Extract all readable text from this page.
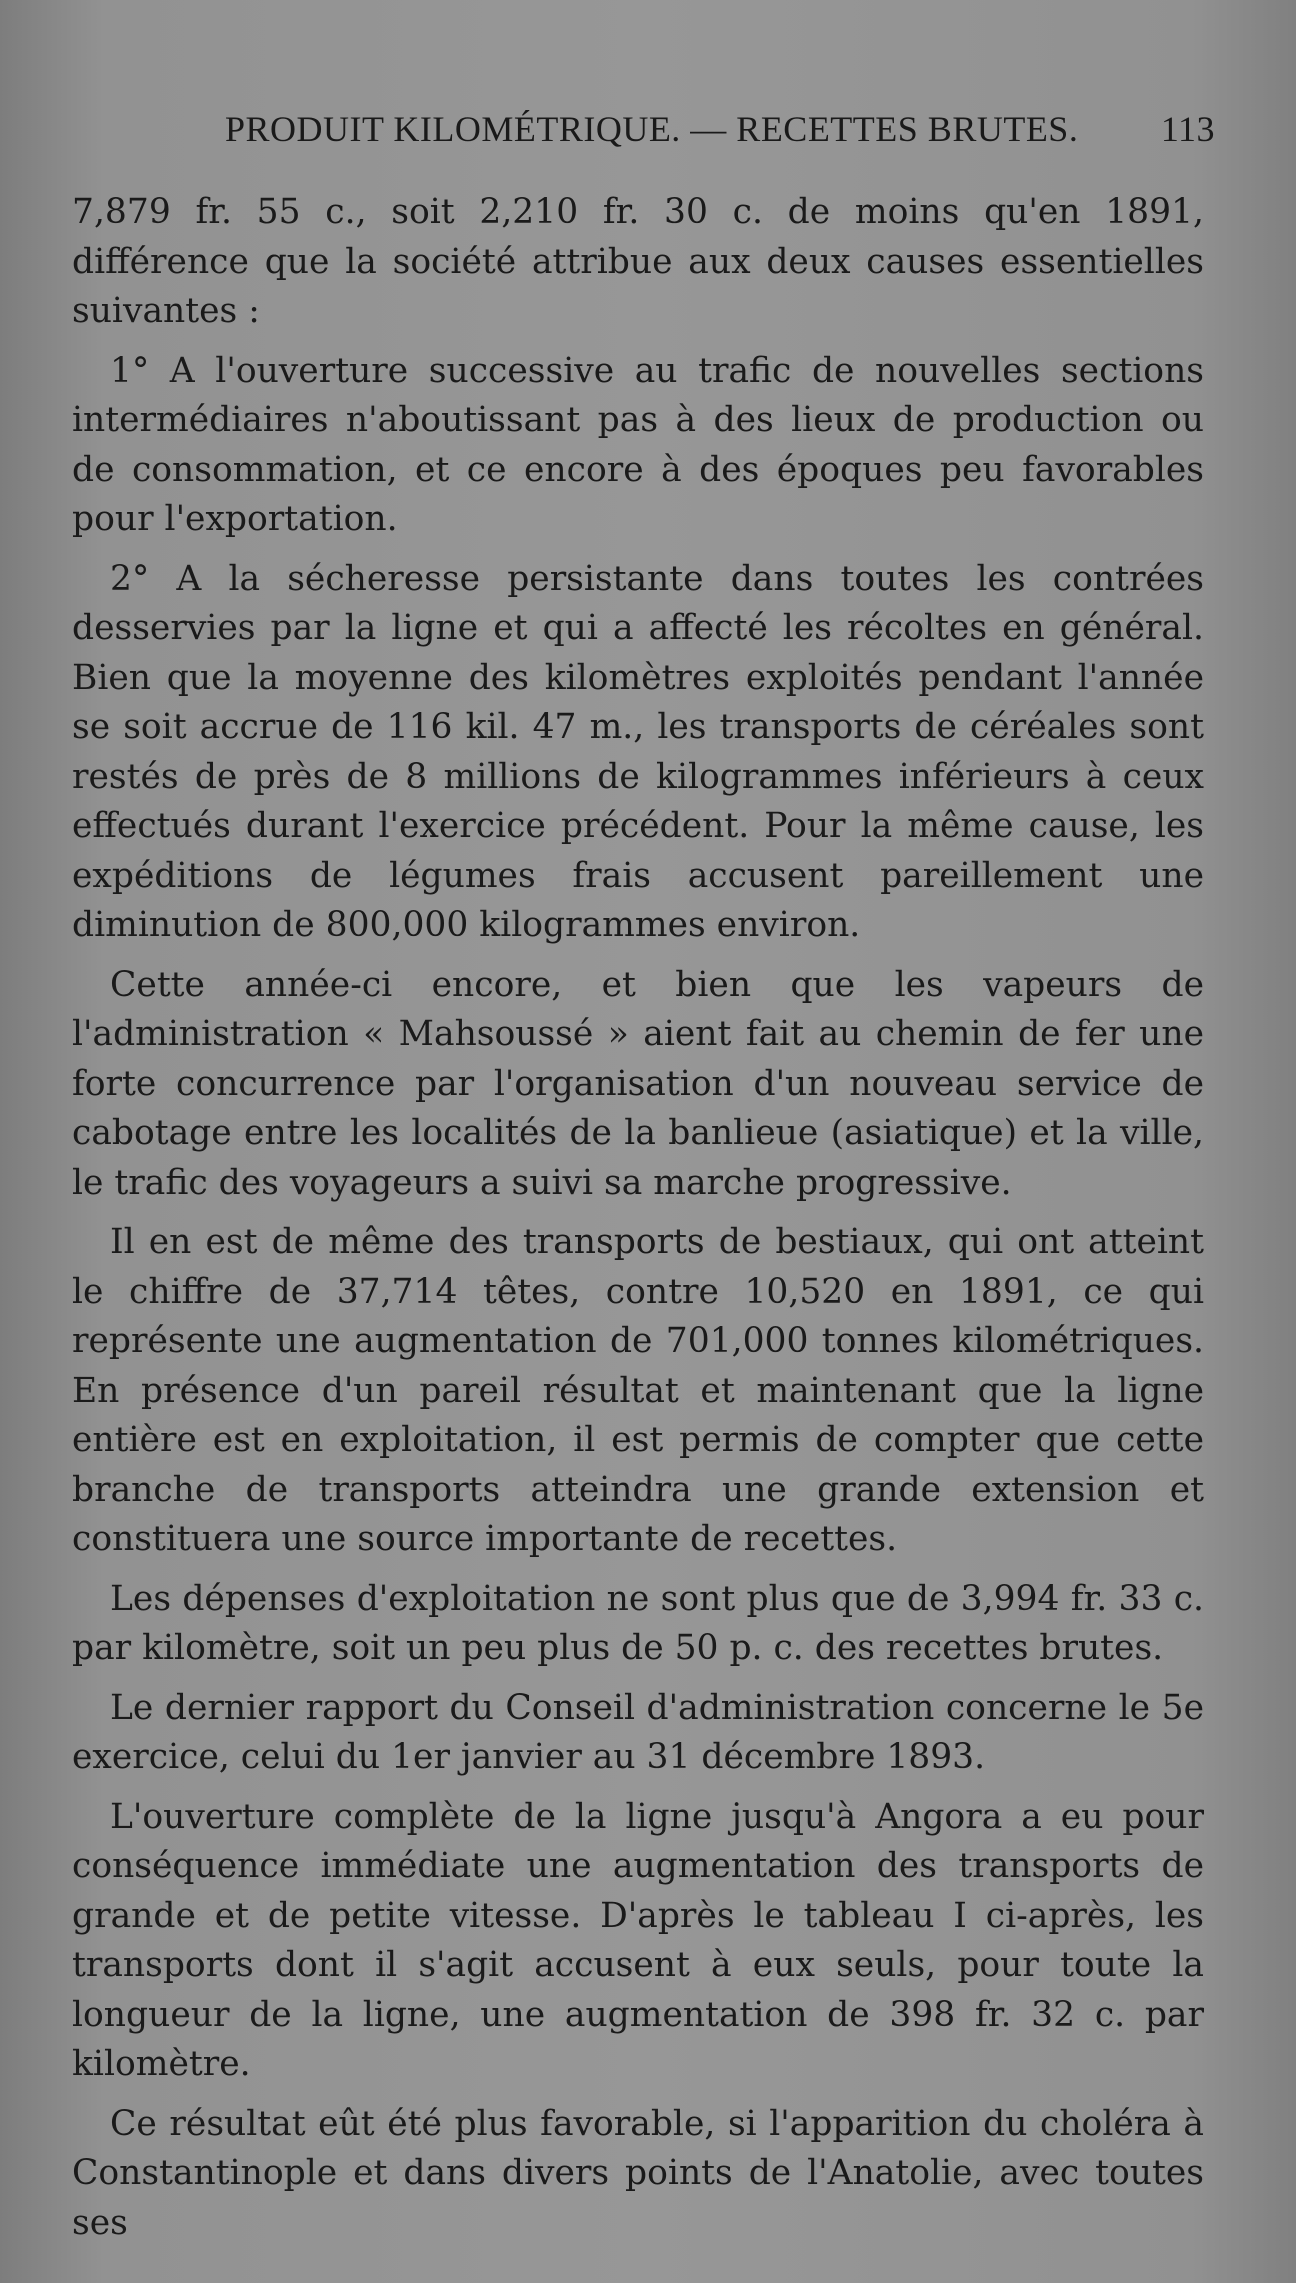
PRODUIT KILOMÉTRIQUE. — RECETTES BRUTES. 113

7,879 fr. 55 c., soit 2,210 fr. 30 c. de moins qu'en 1891, différence que la société attribue aux deux causes essentielles suivantes :

1° A l'ouverture successive au trafic de nouvelles sections intermédiaires n'aboutissant pas à des lieux de production ou de consommation, et ce encore à des époques peu favorables pour l'exportation.

2° A la sécheresse persistante dans toutes les contrées desservies par la ligne et qui a affecté les récoltes en général. Bien que la moyenne des kilomètres exploités pendant l'année se soit accrue de 116 kil. 47 m., les transports de céréales sont restés de près de 8 millions de kilogrammes inférieurs à ceux effectués durant l'exercice précédent. Pour la même cause, les expéditions de légumes frais accusent pareillement une diminution de 800,000 kilogrammes environ.

Cette année-ci encore, et bien que les vapeurs de l'administration « Mahsoussé » aient fait au chemin de fer une forte concurrence par l'organisation d'un nouveau service de cabotage entre les localités de la banlieue (asiatique) et la ville, le trafic des voyageurs a suivi sa marche progressive.

Il en est de même des transports de bestiaux, qui ont atteint le chiffre de 37,714 têtes, contre 10,520 en 1891, ce qui représente une augmentation de 701,000 tonnes kilométriques. En présence d'un pareil résultat et maintenant que la ligne entière est en exploitation, il est permis de compter que cette branche de transports atteindra une grande extension et constituera une source importante de recettes.

Les dépenses d'exploitation ne sont plus que de 3,994 fr. 33 c. par kilomètre, soit un peu plus de 50 p. c. des recettes brutes.

Le dernier rapport du Conseil d'administration concerne le 5e exercice, celui du 1er janvier au 31 décembre 1893.

L'ouverture complète de la ligne jusqu'à Angora a eu pour conséquence immédiate une augmentation des transports de grande et de petite vitesse. D'après le tableau I ci-après, les transports dont il s'agit accusent à eux seuls, pour toute la longueur de la ligne, une augmentation de 398 fr. 32 c. par kilomètre.

Ce résultat eût été plus favorable, si l'apparition du choléra à Constantinople et dans divers points de l'Anatolie, avec toutes ses
